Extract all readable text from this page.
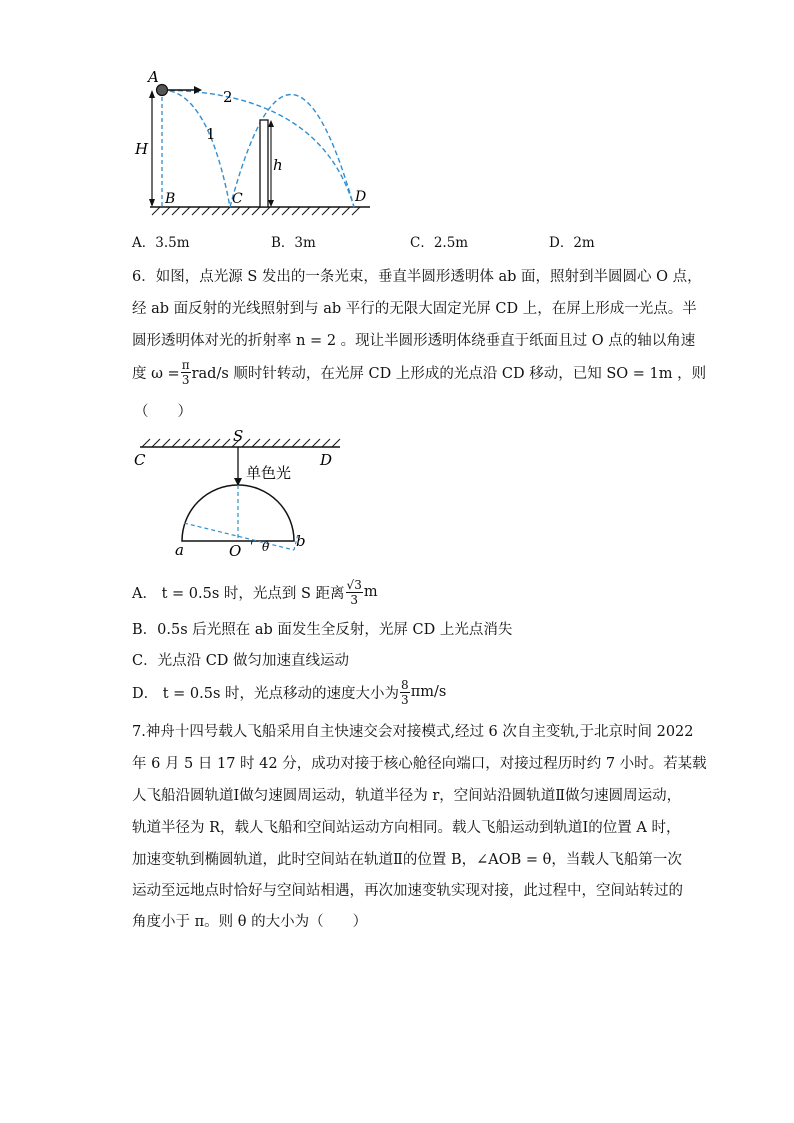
A
2
1
H
h
B	C	D
A．3.5m	B．3m	C．2.5m	D．2m
6．如图，点光源 S 发出的一条光束，垂直半圆形透明体 ab 面，照射到半圆圆心 O 点，
经 ab 面反射的光线照射到与 ab 平行的无限大固定光屏 CD 上，在屏上形成一光点。半
圆形透明体对光的折射率 n = 2 。现让半圆形透明体绕垂直于纸面且过 O 点的轴以角速
度 $\omega = \frac{\pi}{3} rad/s$ 顺时针转动，在光屏 CD 上形成的光点沿 CD 移动，已知 SO = 1m ，则
（　　）
S
C	D
单色光
a	O θ b
A． t = 0.5s 时，光点到 S 距离 $\frac{√3}{3}$ m
B．0.5s 后光照在 ab 面发生全反射，光屏 CD 上光点消失
C．光点沿 CD 做匀加速直线运动
D． t = 0.5s 时，光点移动的速度大小为 $\frac{8}{3} \pi m/s$
7.神舟十四号载人飞船采用自主快速交会对接模式,经过 6 次自主变轨,于北京时间 2022
年 6 月 5 日 17 时 42 分，成功对接于核心舱径向端口，对接过程历时约 7 小时。若某载
人飞船沿圆轨道Ⅰ做匀速圆周运动，轨道半径为 r，空间站沿圆轨道Ⅱ做匀速圆周运动，
轨道半径为 R，载人飞船和空间站运动方向相同。载人飞船运动到轨道Ⅰ的位置 A 时，
加速变轨到椭圆轨道，此时空间站在轨道Ⅱ的位置 B，∠AOB = θ，当载人飞船第一次
运动至远地点时恰好与空间站相遇，再次加速变轨实现对接，此过程中，空间站转过的
角度小于 π。则 θ 的大小为（　　）
